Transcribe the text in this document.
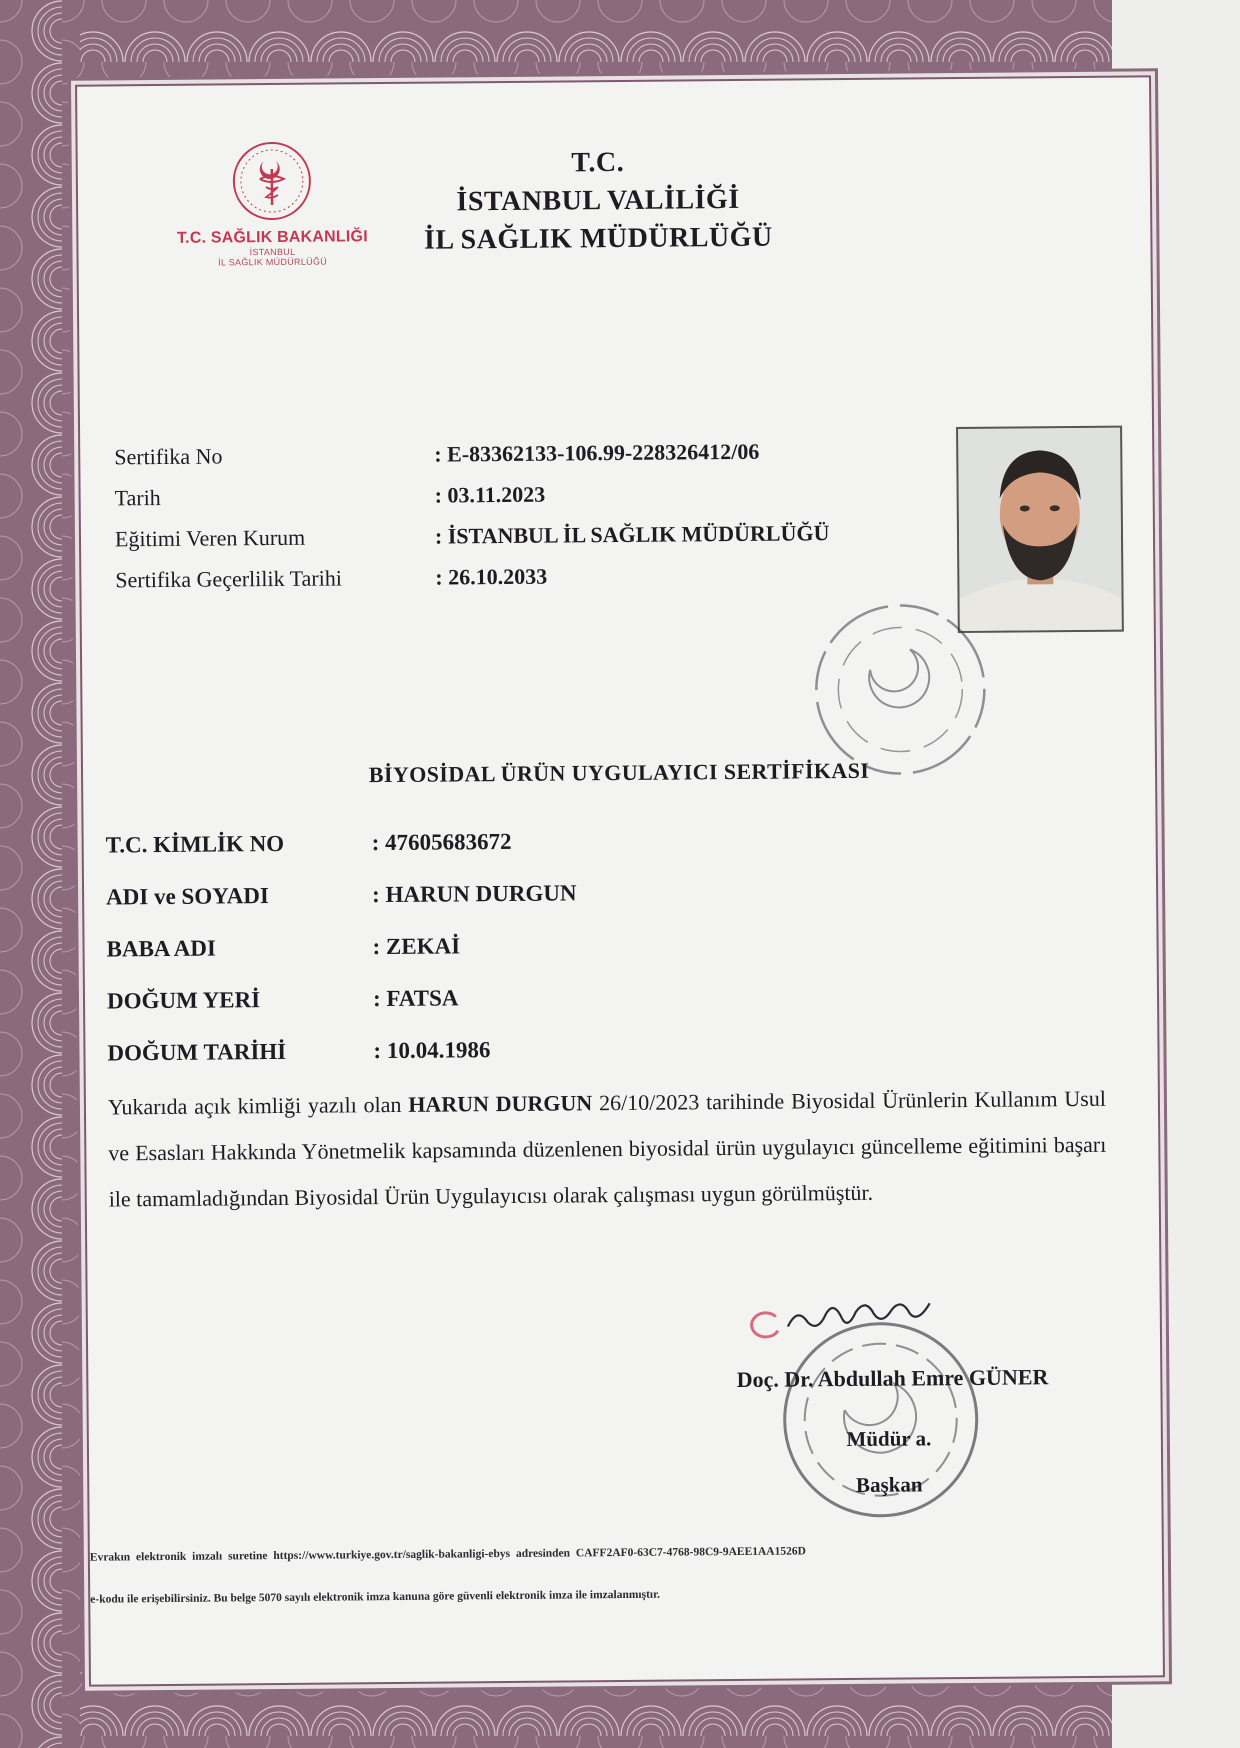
T.C. SAĞLIK BAKANLIĞI
İSTANBUL
İL SAĞLIK MÜDÜRLÜĞÜ
T.C.
İSTANBUL VALİLİĞİ
İL SAĞLIK MÜDÜRLÜĞÜ
Sertifika No	: E-83362133-106.99-228326412/06
Tarih	: 03.11.2023
Eğitimi Veren Kurum	: İSTANBUL İL SAĞLIK MÜDÜRLÜĞÜ
Sertifika Geçerlilik Tarihi	: 26.10.2033
BİYOSİDAL ÜRÜN UYGULAYICI SERTİFİKASI
T.C. KİMLİK NO	: 47605683672
ADI ve SOYADI	: HARUN DURGUN
BABA ADI	: ZEKAİ
DOĞUM YERİ	: FATSA
DOĞUM TARİHİ	: 10.04.1986
Yukarıda açık kimliği yazılı olan HARUN DURGUN 26/10/2023 tarihinde Biyosidal Ürünlerin Kullanım Usul ve Esasları Hakkında Yönetmelik kapsamında düzenlenen biyosidal ürün uygulayıcı güncelleme eğitimini başarı ile tamamladığından Biyosidal Ürün Uygulayıcısı olarak çalışması uygun görülmüştür.
Doç. Dr. Abdullah Emre GÜNER
Müdür a.
Başkan
Evrakın elektronik imzalı suretine https://www.turkiye.gov.tr/saglik-bakanligi-ebys adresinden CAFF2AF0-63C7-4768-98C9-9AEE1AA1526D
e-kodu ile erişebilirsiniz. Bu belge 5070 sayılı elektronik imza kanuna göre güvenli elektronik imza ile imzalanmıştır.
